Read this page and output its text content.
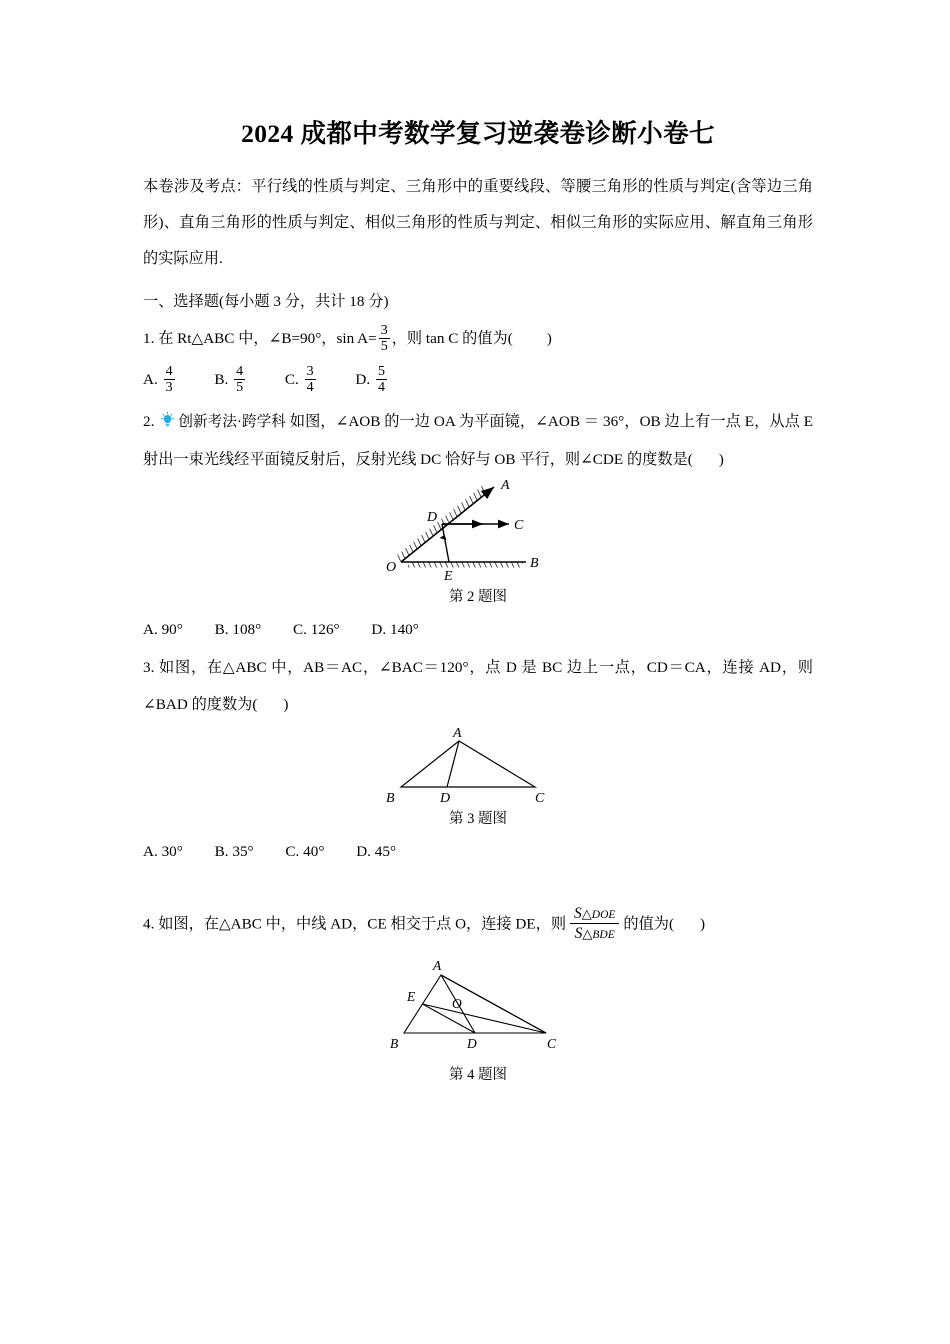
2024 成都中考数学复习逆袭卷诊断小卷七

本卷涉及考点：平行线的性质与判定、三角形中的重要线段、等腰三角形的性质与判定(含等边三角形)、直角三角形的性质与判定、相似三角形的性质与判定、相似三角形的实际应用、解直角三角形的实际应用.

一、选择题(每小题 3 分，共计 18 分)

1. 在 Rt△ABC 中，∠B=90°，$\sin A= \frac{3}{5}$ ，则 tan C 的值为( )

A. $\frac{4}{3}$	B. $\frac{4}{5}$	C. $\frac{3}{4}$	D. $\frac{5}{4}$

2. 创新考法·跨学科 如图，∠AOB 的一边 OA 为平面镜，∠AOB ＝ 36°，OB 边上有一点 E，从点 E 射出一束光线经平面镜反射后，反射光线 DC 恰好与 OB 平行，则∠CDE 的度数是( )

A
B
C
D
E
O

第 2 题图

A. 90° B. 108° C. 126° D. 140°

3. 如图，在△ABC 中，AB＝AC，∠BAC＝120°，点 D 是 BC 边上一点，CD＝CA，连接 AD，则∠BAD 的度数为( )

A
B	D	C

第 3 题图

A. 30° B. 35° C. 40° D. 45°

4. 如图，在△ABC 中，中线 AD，CE 相交于点 O，连接 DE，则 $\frac{\text{S△DOE}}{\text{S△BDE}}$ 的值为( )

A
E	O
B	D	C

第 4 题图
